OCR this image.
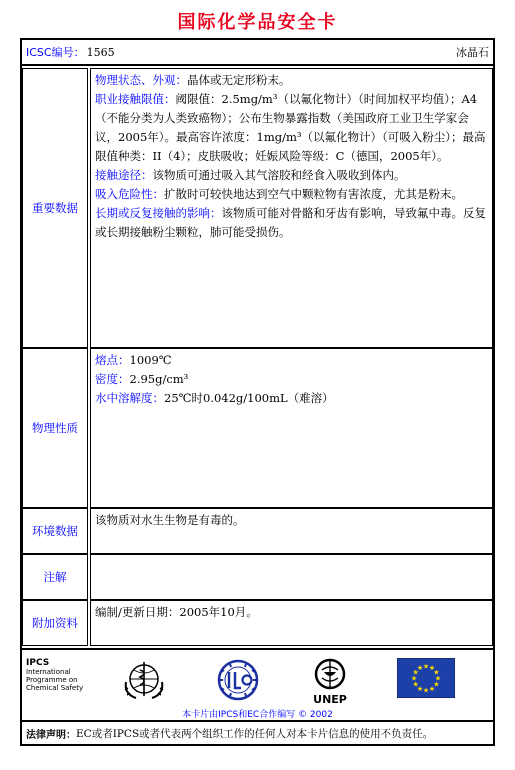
国际化学品安全卡
ICSC编号： 1565	冰晶石
重要数据

物理状态、外观：晶体或无定形粉末。

职业接触限值：阈限值：2.5mg/m³（以氟化物计）（时间加权平均值）；A4（不能分类为人类致癌物）；公布生物暴露指数（美国政府工业卫生学家会议，2005年）。最高容许浓度：1mg/m³（以氟化物计）（可吸入粉尘）；最高限值种类：II（4）；皮肤吸收；妊娠风险等级：C（德国，2005年）。

接触途径：该物质可通过吸入其气溶胶和经食入吸收到体内。

吸入危险性：扩散时可较快地达到空气中颗粒物有害浓度，尤其是粉末。

长期或反复接触的影响：该物质可能对骨骼和牙齿有影响，导致氟中毒。反复或长期接触粉尘颗粒，肺可能受损伤。

物理性质

熔点：1009℃

密度：2.95g/cm³

水中溶解度：25℃时0.042g/100mL（难溶）

环境数据

该物质对水生生物是有毒的。

注解

附加资料

编制/更新日期：2005年10月。

IPCS
International
Programme on
Chemical Safety
UNEP
★ ★
★
★
★
★
★
★
★
★
★
★
本卡片由IPCS和EC合作编写 © 2002
法律声明： EC或者IPCS或者代表两个组织工作的任何人对本卡片信息的使用不负责任。
